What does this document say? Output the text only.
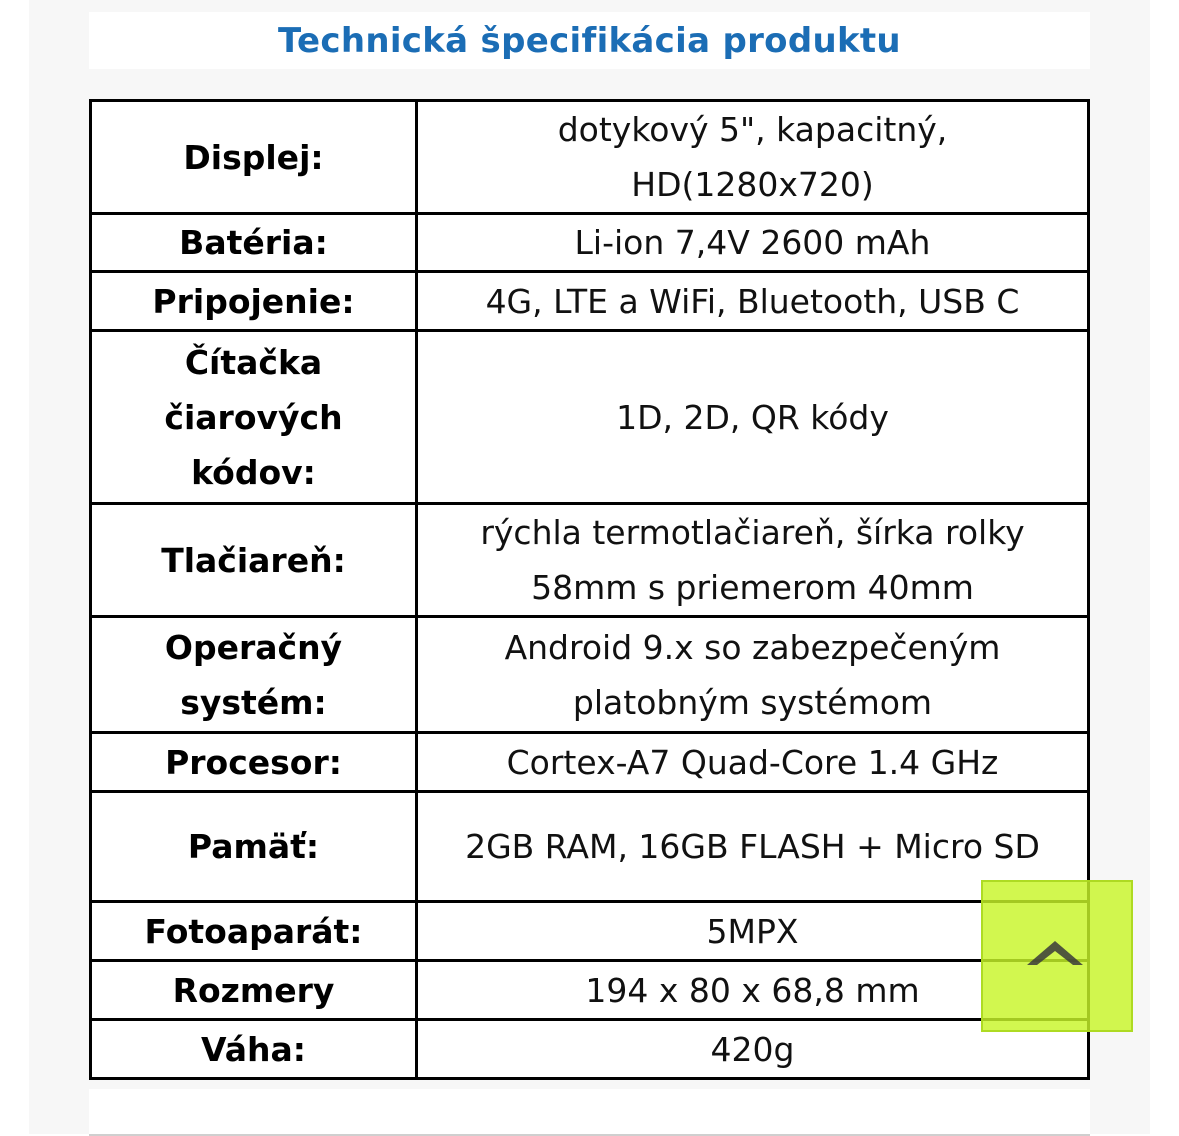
Technická špecifikácia produktu
Displej:	dotykový 5", kapacitný, HD(1280x720)
Batéria:	Li-ion 7,4V 2600 mAh
Pripojenie:	4G, LTE a WiFi, Bluetooth, USB C
Čítačka čiarových kódov:	1D, 2D, QR kódy
Tlačiareň:	rýchla termotlačiareň, šírka rolky 58mm s priemerom 40mm
Operačný systém:	Android 9.x so zabezpečeným platobným systémom
Procesor:	Cortex-A7 Quad-Core 1.4 GHz
Pamäť:	2GB RAM, 16GB FLASH + Micro SD
Fotoaparát:	5MPX
Rozmery	194 x 80 x 68,8 mm
Váha:	420g
